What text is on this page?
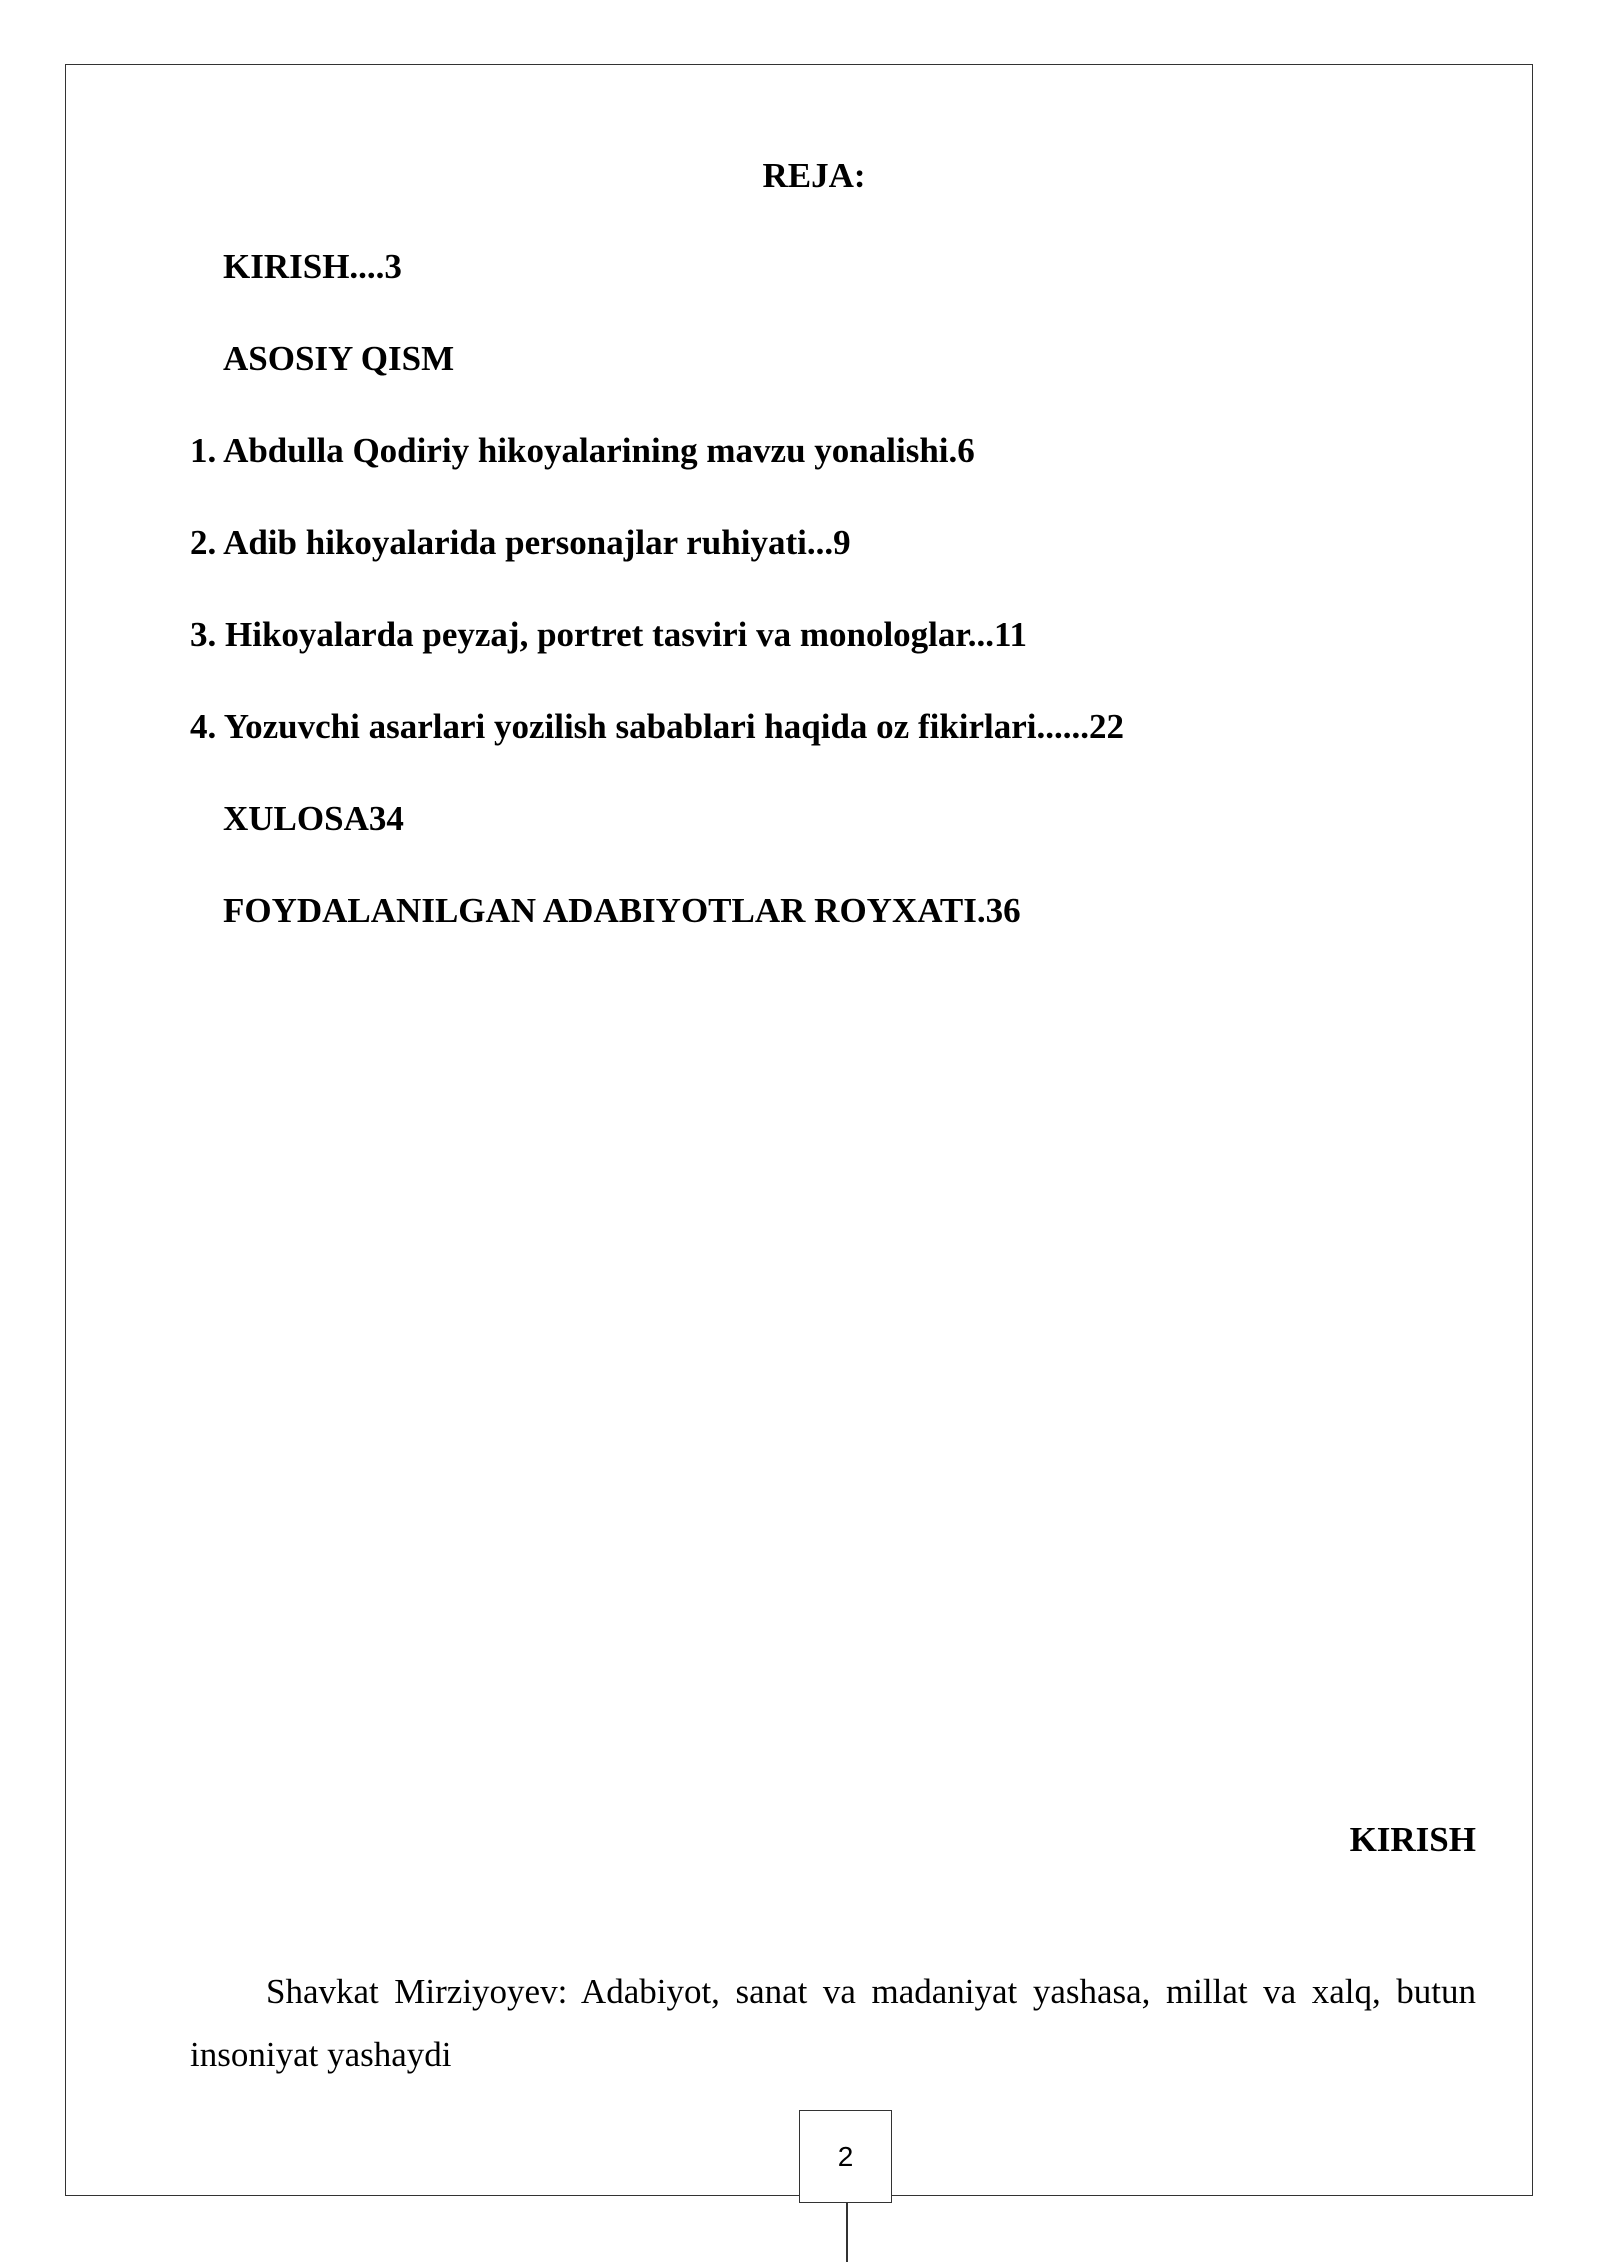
REJA:
KIRISH....3
ASOSIY QISM
1. Abdulla Qodiriy hikoyalarining mavzu yonalishi.6
2. Adib hikoyalarida personajlar ruhiyati...9
3. Hikoyalarda peyzaj, portret tasviri va monologlar...11
4. Yozuvchi asarlari yozilish sabablari haqida oz fikirlari......22
XULOSA34
FOYDALANILGAN ADABIYOTLAR ROYXATI.36
KIRISH
Shavkat Mirziyoyev: Adabiyot, sanat va madaniyat yashasa, millat va xalq, butun insoniyat yashaydi
2
